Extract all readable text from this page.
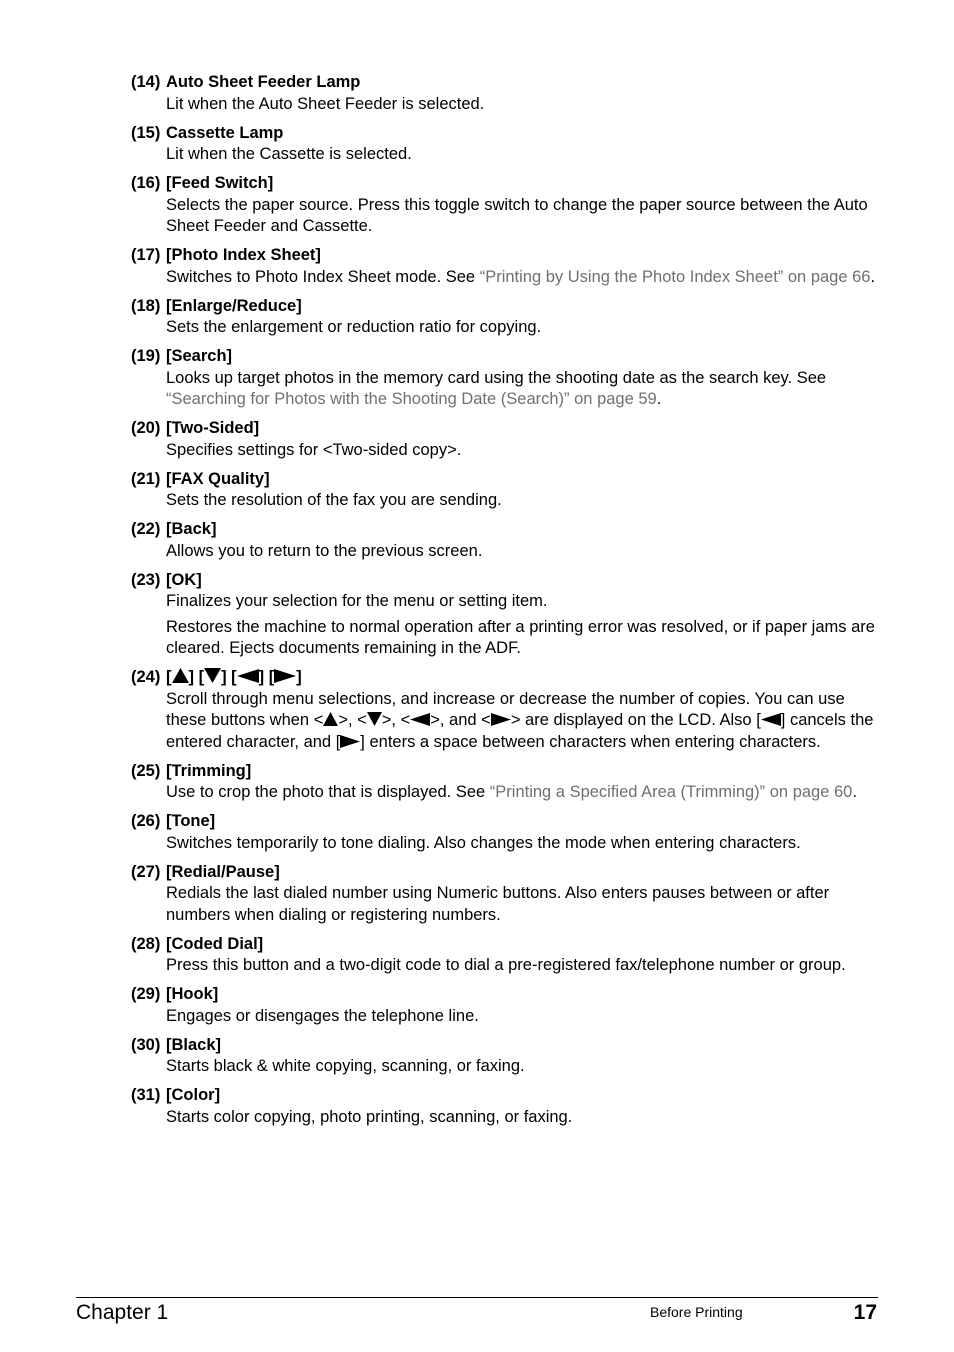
(14) Auto Sheet Feeder Lamp
Lit when the Auto Sheet Feeder is selected.
(15) Cassette Lamp
Lit when the Cassette is selected.
(16) [Feed Switch]
Selects the paper source. Press this toggle switch to change the paper source between the Auto Sheet Feeder and Cassette.
(17) [Photo Index Sheet]
Switches to Photo Index Sheet mode. See “Printing by Using the Photo Index Sheet” on page 66.
(18) [Enlarge/Reduce]
Sets the enlargement or reduction ratio for copying.
(19) [Search]
Looks up target photos in the memory card using the shooting date as the search key. See “Searching for Photos with the Shooting Date (Search)” on page 59.
(20) [Two-Sided]
Specifies settings for <Two-sided copy>.
(21) [FAX Quality]
Sets the resolution of the fax you are sending.
(22) [Back]
Allows you to return to the previous screen.
(23) [OK]
Finalizes your selection for the menu or setting item.
Restores the machine to normal operation after a printing error was resolved, or if paper jams are cleared. Ejects documents remaining in the ADF.
(24) [ ] [ ] [ ] [ ]
Scroll through menu selections, and increase or decrease the number of copies. You can use these buttons when < >, < >, < >, and < > are displayed on the LCD. Also [ ] cancels the entered character, and [ ] enters a space between characters when entering characters.
(25) [Trimming]
Use to crop the photo that is displayed. See “Printing a Specified Area (Trimming)” on page 60.
(26) [Tone]
Switches temporarily to tone dialing. Also changes the mode when entering characters.
(27) [Redial/Pause]
Redials the last dialed number using Numeric buttons. Also enters pauses between or after numbers when dialing or registering numbers.
(28) [Coded Dial]
Press this button and a two-digit code to dial a pre-registered fax/telephone number or group.
(29) [Hook]
Engages or disengages the telephone line.
(30) [Black]
Starts black & white copying, scanning, or faxing.
(31) [Color]
Starts color copying, photo printing, scanning, or faxing.
Chapter 1	Before Printing	17
